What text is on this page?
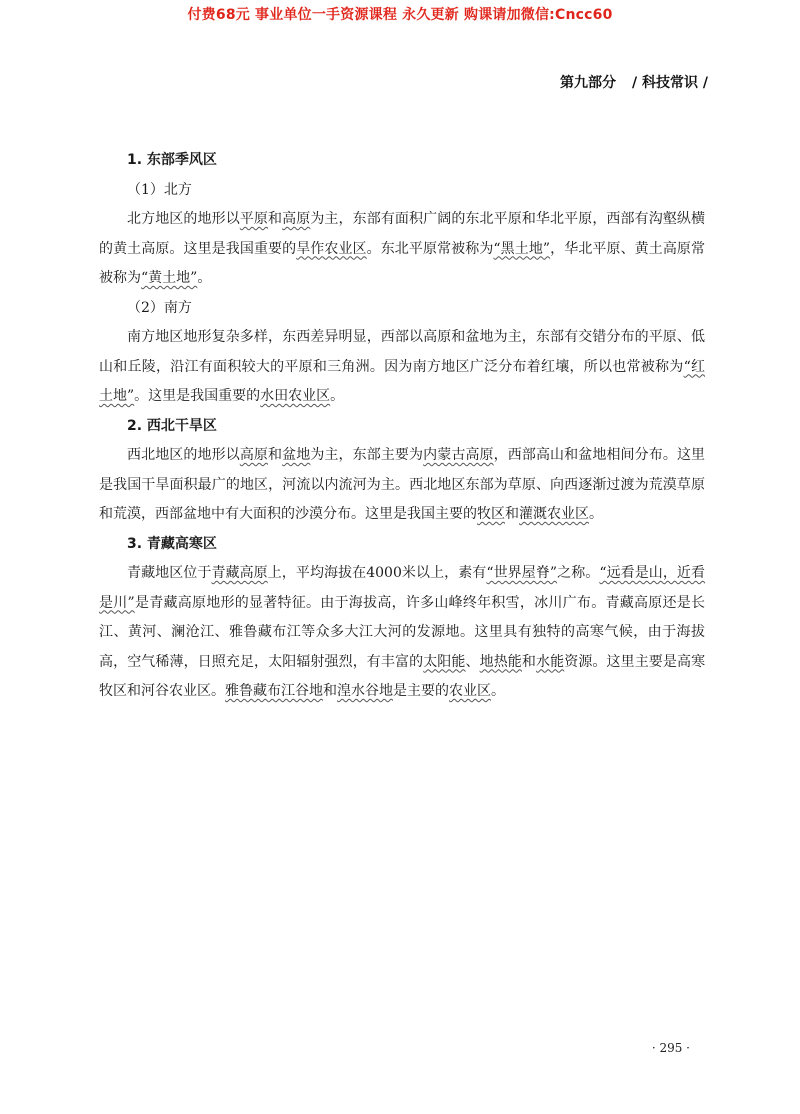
付费68元 事业单位一手资源课程 永久更新 购课请加微信:Cncc60
第九部分 / 科技常识 /

1. 东部季风区

（1）北方

北方地区的地形以平原和高原为主，东部有面积广阔的东北平原和华北平原，西部有沟壑纵横的黄土高原。这里是我国重要的旱作农业区。东北平原常被称为“黑土地”，华北平原、黄土高原常被称为“黄土地”。

（2）南方

南方地区地形复杂多样，东西差异明显，西部以高原和盆地为主，东部有交错分布的平原、低山和丘陵，沿江有面积较大的平原和三角洲。因为南方地区广泛分布着红壤，所以也常被称为“红土地”。这里是我国重要的水田农业区。

2. 西北干旱区

西北地区的地形以高原和盆地为主，东部主要为内蒙古高原，西部高山和盆地相间分布。这里是我国干旱面积最广的地区，河流以内流河为主。西北地区东部为草原、向西逐渐过渡为荒漠草原和荒漠，西部盆地中有大面积的沙漠分布。这里是我国主要的牧区和灌溉农业区。

3. 青藏高寒区

青藏地区位于青藏高原上，平均海拔在4000米以上，素有“世界屋脊”之称。“远看是山，近看是川”是青藏高原地形的显著特征。由于海拔高，许多山峰终年积雪，冰川广布。青藏高原还是长江、黄河、澜沧江、雅鲁藏布江等众多大江大河的发源地。这里具有独特的高寒气候，由于海拔高，空气稀薄，日照充足，太阳辐射强烈，有丰富的太阳能、地热能和水能资源。这里主要是高寒牧区和河谷农业区。雅鲁藏布江谷地和湟水谷地是主要的农业区。

· 295 ·
